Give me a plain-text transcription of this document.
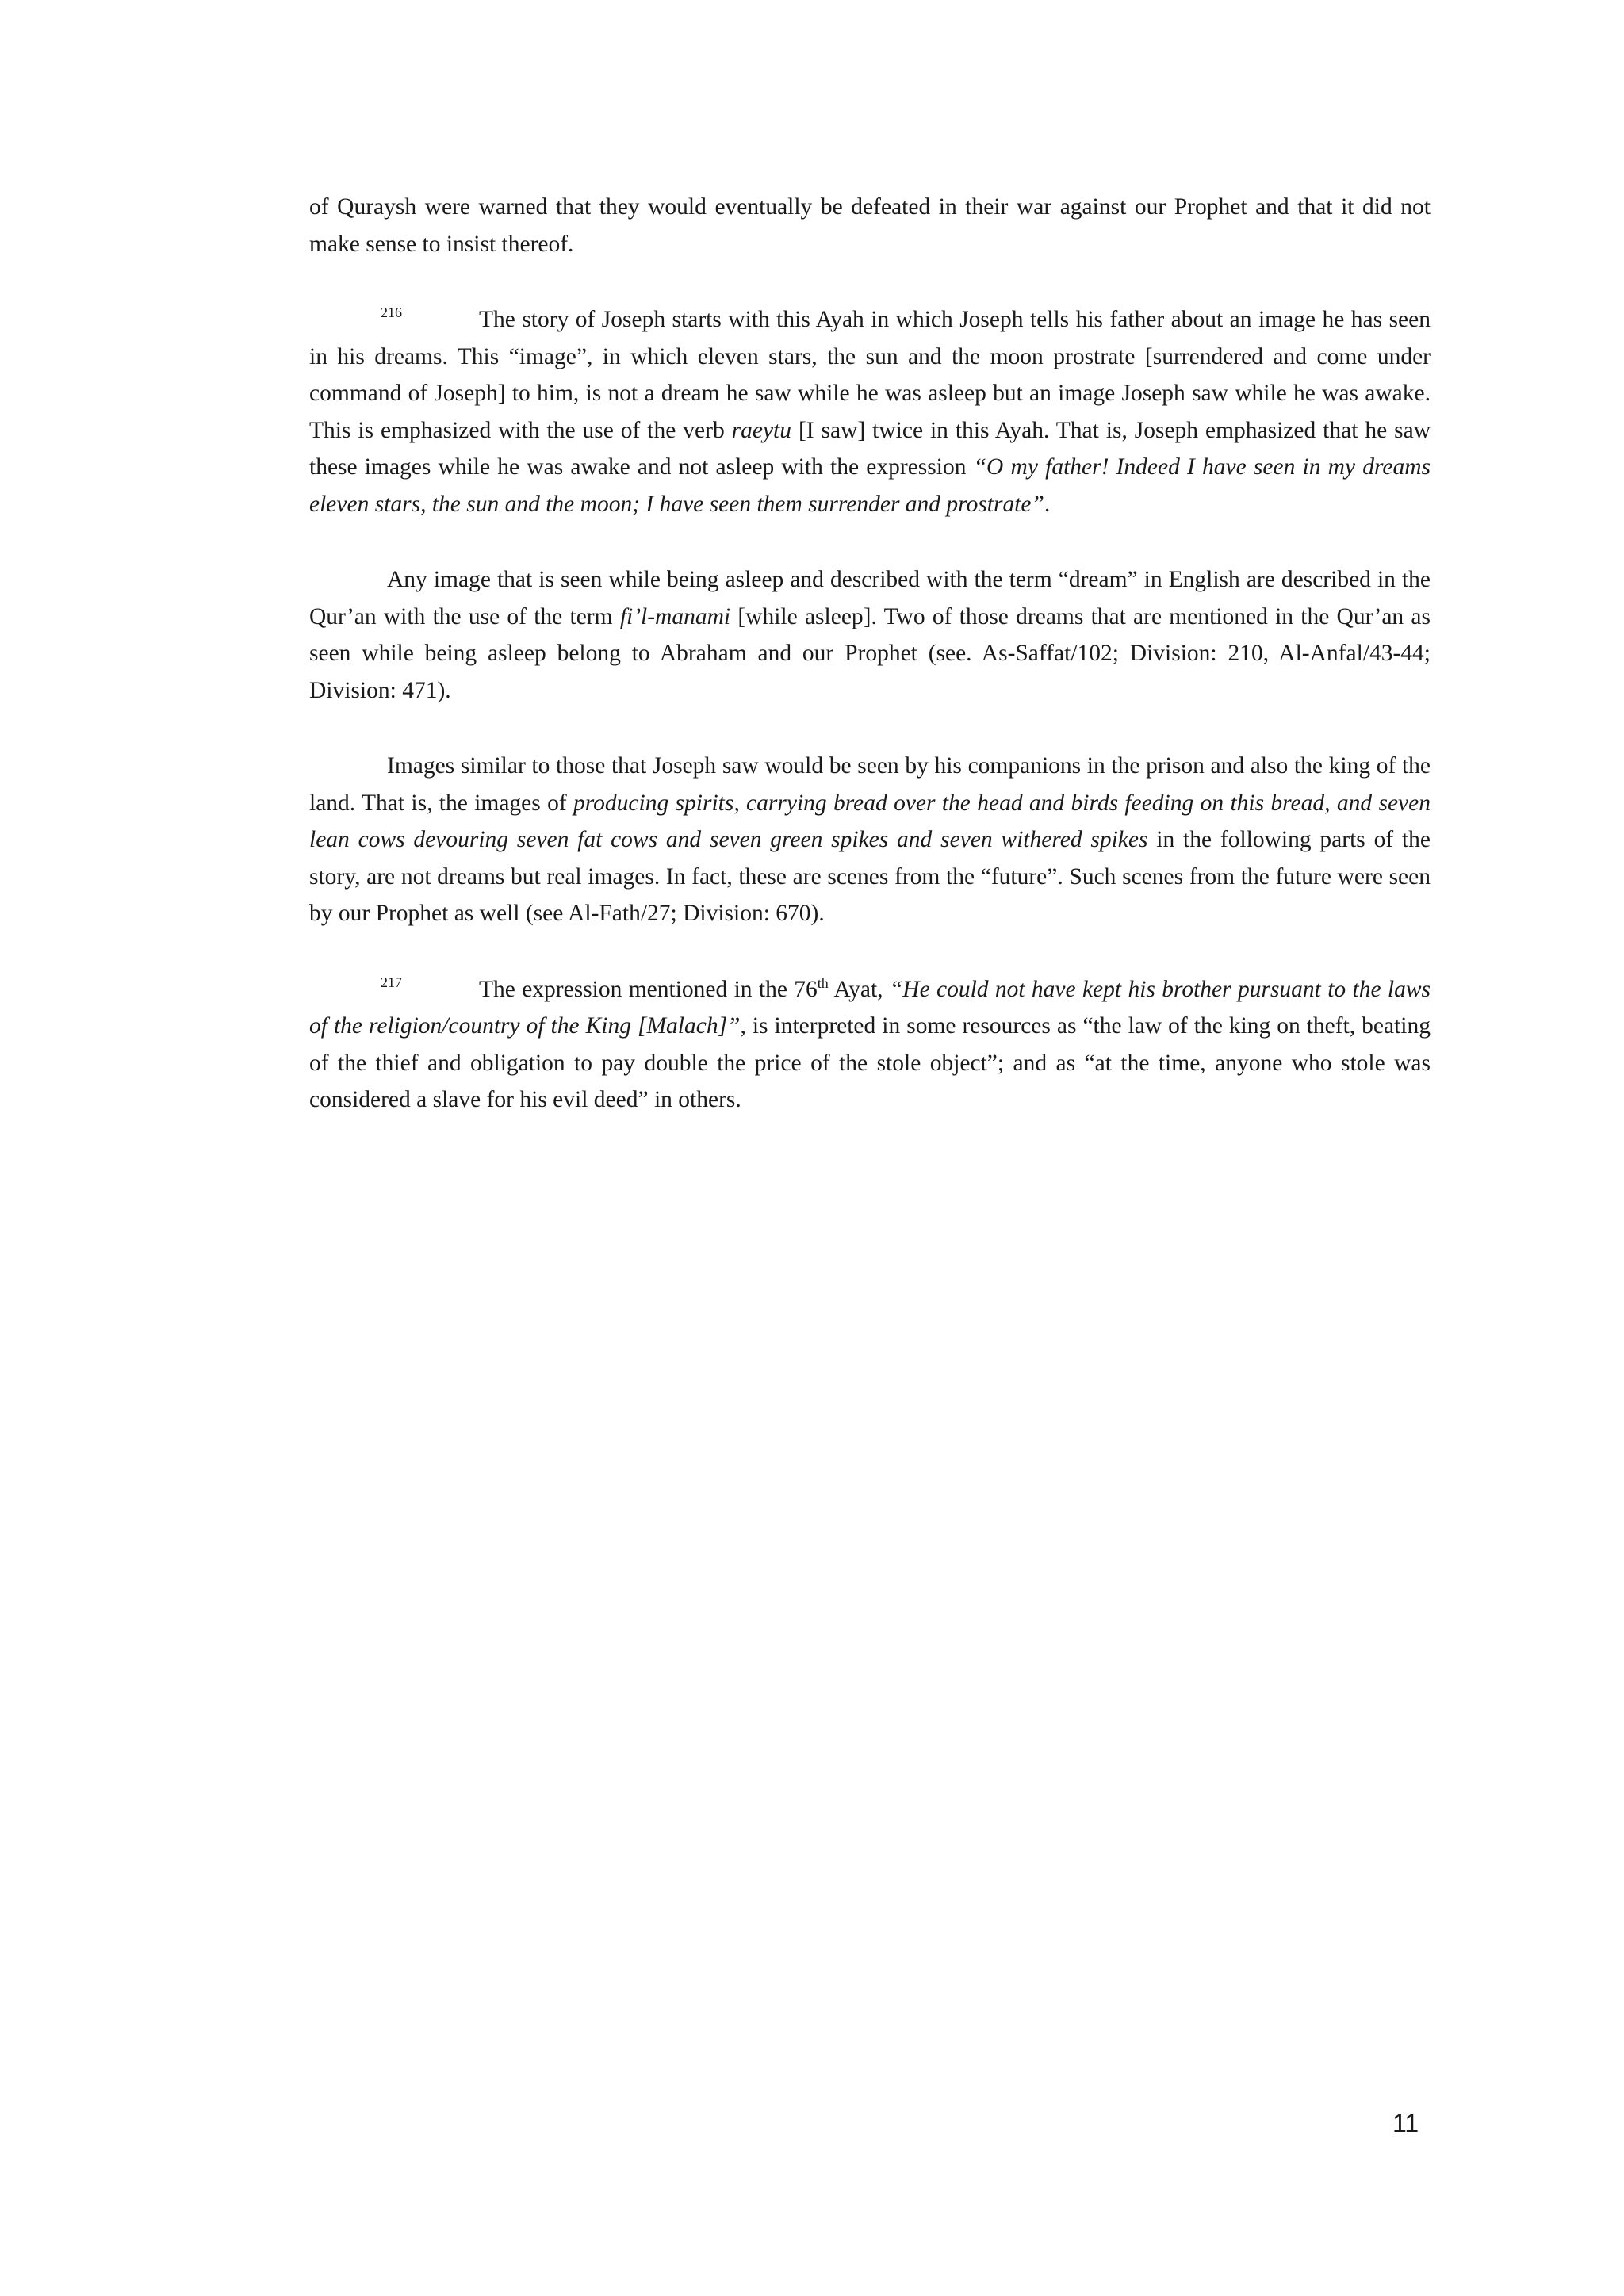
of Quraysh were warned that they would eventually be defeated in their war against our Prophet and that it did not make sense to insist thereof.

216	The story of Joseph starts with this Ayah in which Joseph tells his father about an image he has seen in his dreams. This “image”, in which eleven stars, the sun and the moon prostrate [surrendered and come under command of Joseph] to him, is not a dream he saw while he was asleep but an image Joseph saw while he was awake. This is emphasized with the use of the verb raeytu [I saw] twice in this Ayah. That is, Joseph emphasized that he saw these images while he was awake and not asleep with the expression “O my father! Indeed I have seen in my dreams eleven stars, the sun and the moon; I have seen them surrender and prostrate”.

Any image that is seen while being asleep and described with the term “dream” in English are described in the Qur’an with the use of the term fi’l-manami [while asleep]. Two of those dreams that are mentioned in the Qur’an as seen while being asleep belong to Abraham and our Prophet (see. As-Saffat/102; Division: 210, Al-Anfal/43-44; Division: 471).

Images similar to those that Joseph saw would be seen by his companions in the prison and also the king of the land. That is, the images of producing spirits, carrying bread over the head and birds feeding on this bread, and seven lean cows devouring seven fat cows and seven green spikes and seven withered spikes in the following parts of the story, are not dreams but real images. In fact, these are scenes from the “future”. Such scenes from the future were seen by our Prophet as well (see Al-Fath/27; Division: 670).

217	The expression mentioned in the 76th Ayat, “He could not have kept his brother pursuant to the laws of the religion/country of the King [Malach]”, is interpreted in some resources as “the law of the king on theft, beating of the thief and obligation to pay double the price of the stole object”; and as “at the time, anyone who stole was considered a slave for his evil deed” in others.

11
